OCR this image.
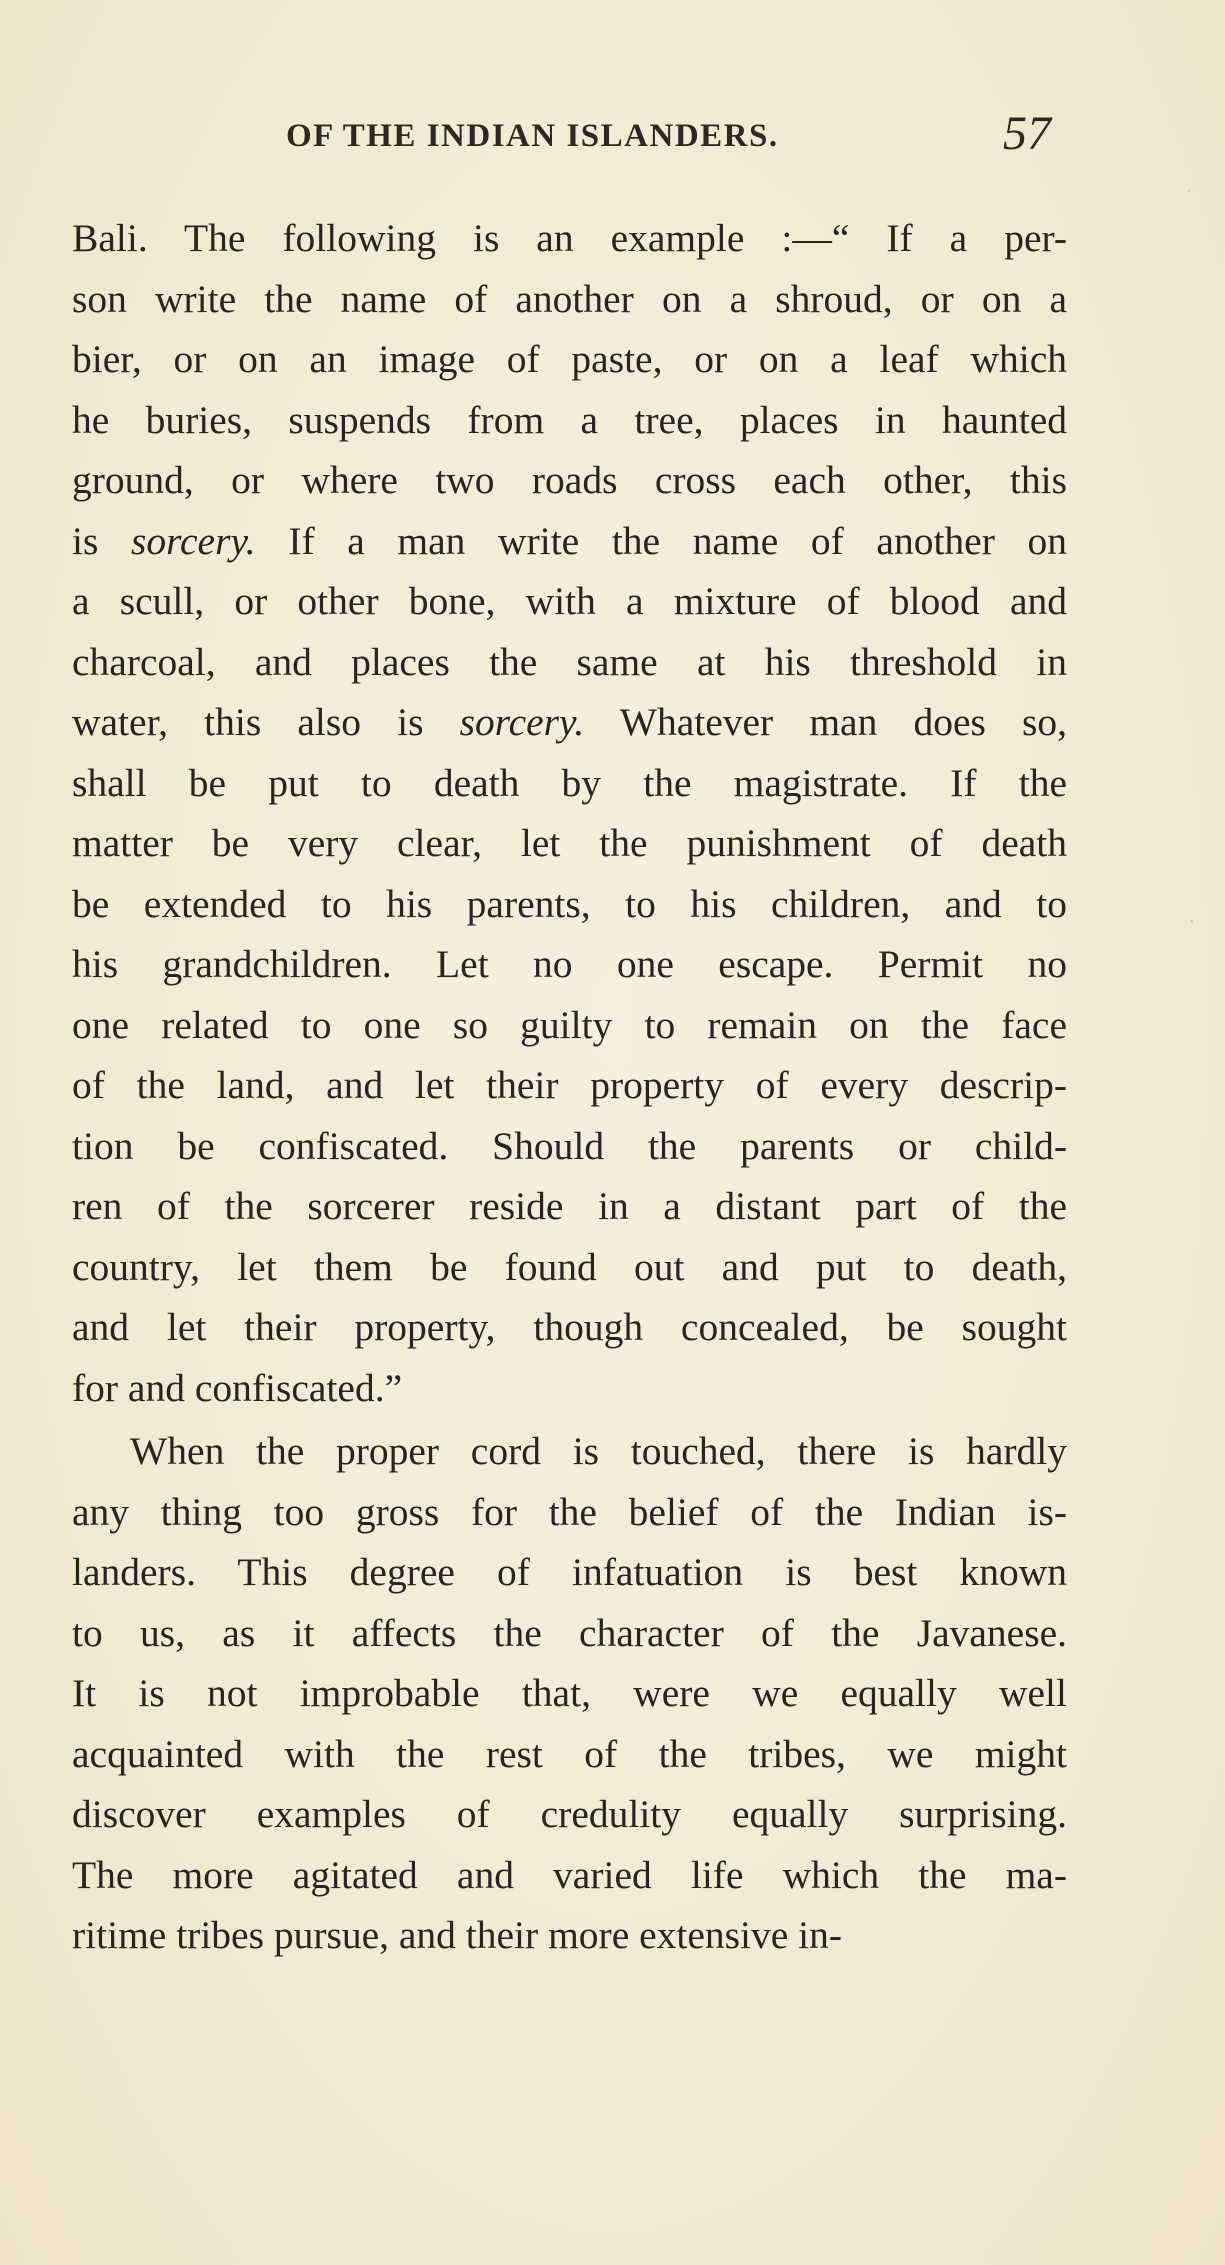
OF THE INDIAN ISLANDERS.	57
Bali. The following is an example :—“ If a per-
son write the name of another on a shroud, or on a
bier, or on an image of paste, or on a leaf which
he buries, suspends from a tree, places in haunted
ground, or where two roads cross each other, this
is sorcery. If a man write the name of another on
a scull, or other bone, with a mixture of blood and
charcoal, and places the same at his threshold in
water, this also is sorcery. Whatever man does so,
shall be put to death by the magistrate. If the
matter be very clear, let the punishment of death
be extended to his parents, to his children, and to
his grandchildren. Let no one escape. Permit no
one related to one so guilty to remain on the face
of the land, and let their property of every descrip-
tion be confiscated. Should the parents or child-
ren of the sorcerer reside in a distant part of the
country, let them be found out and put to death,
and let their property, though concealed, be sought
for and confiscated.”
When the proper cord is touched, there is hardly
any thing too gross for the belief of the Indian is-
landers. This degree of infatuation is best known
to us, as it affects the character of the Javanese.
It is not improbable that, were we equally well
acquainted with the rest of the tribes, we might
discover examples of credulity equally surprising.
The more agitated and varied life which the ma-
ritime tribes pursue, and their more extensive in-
